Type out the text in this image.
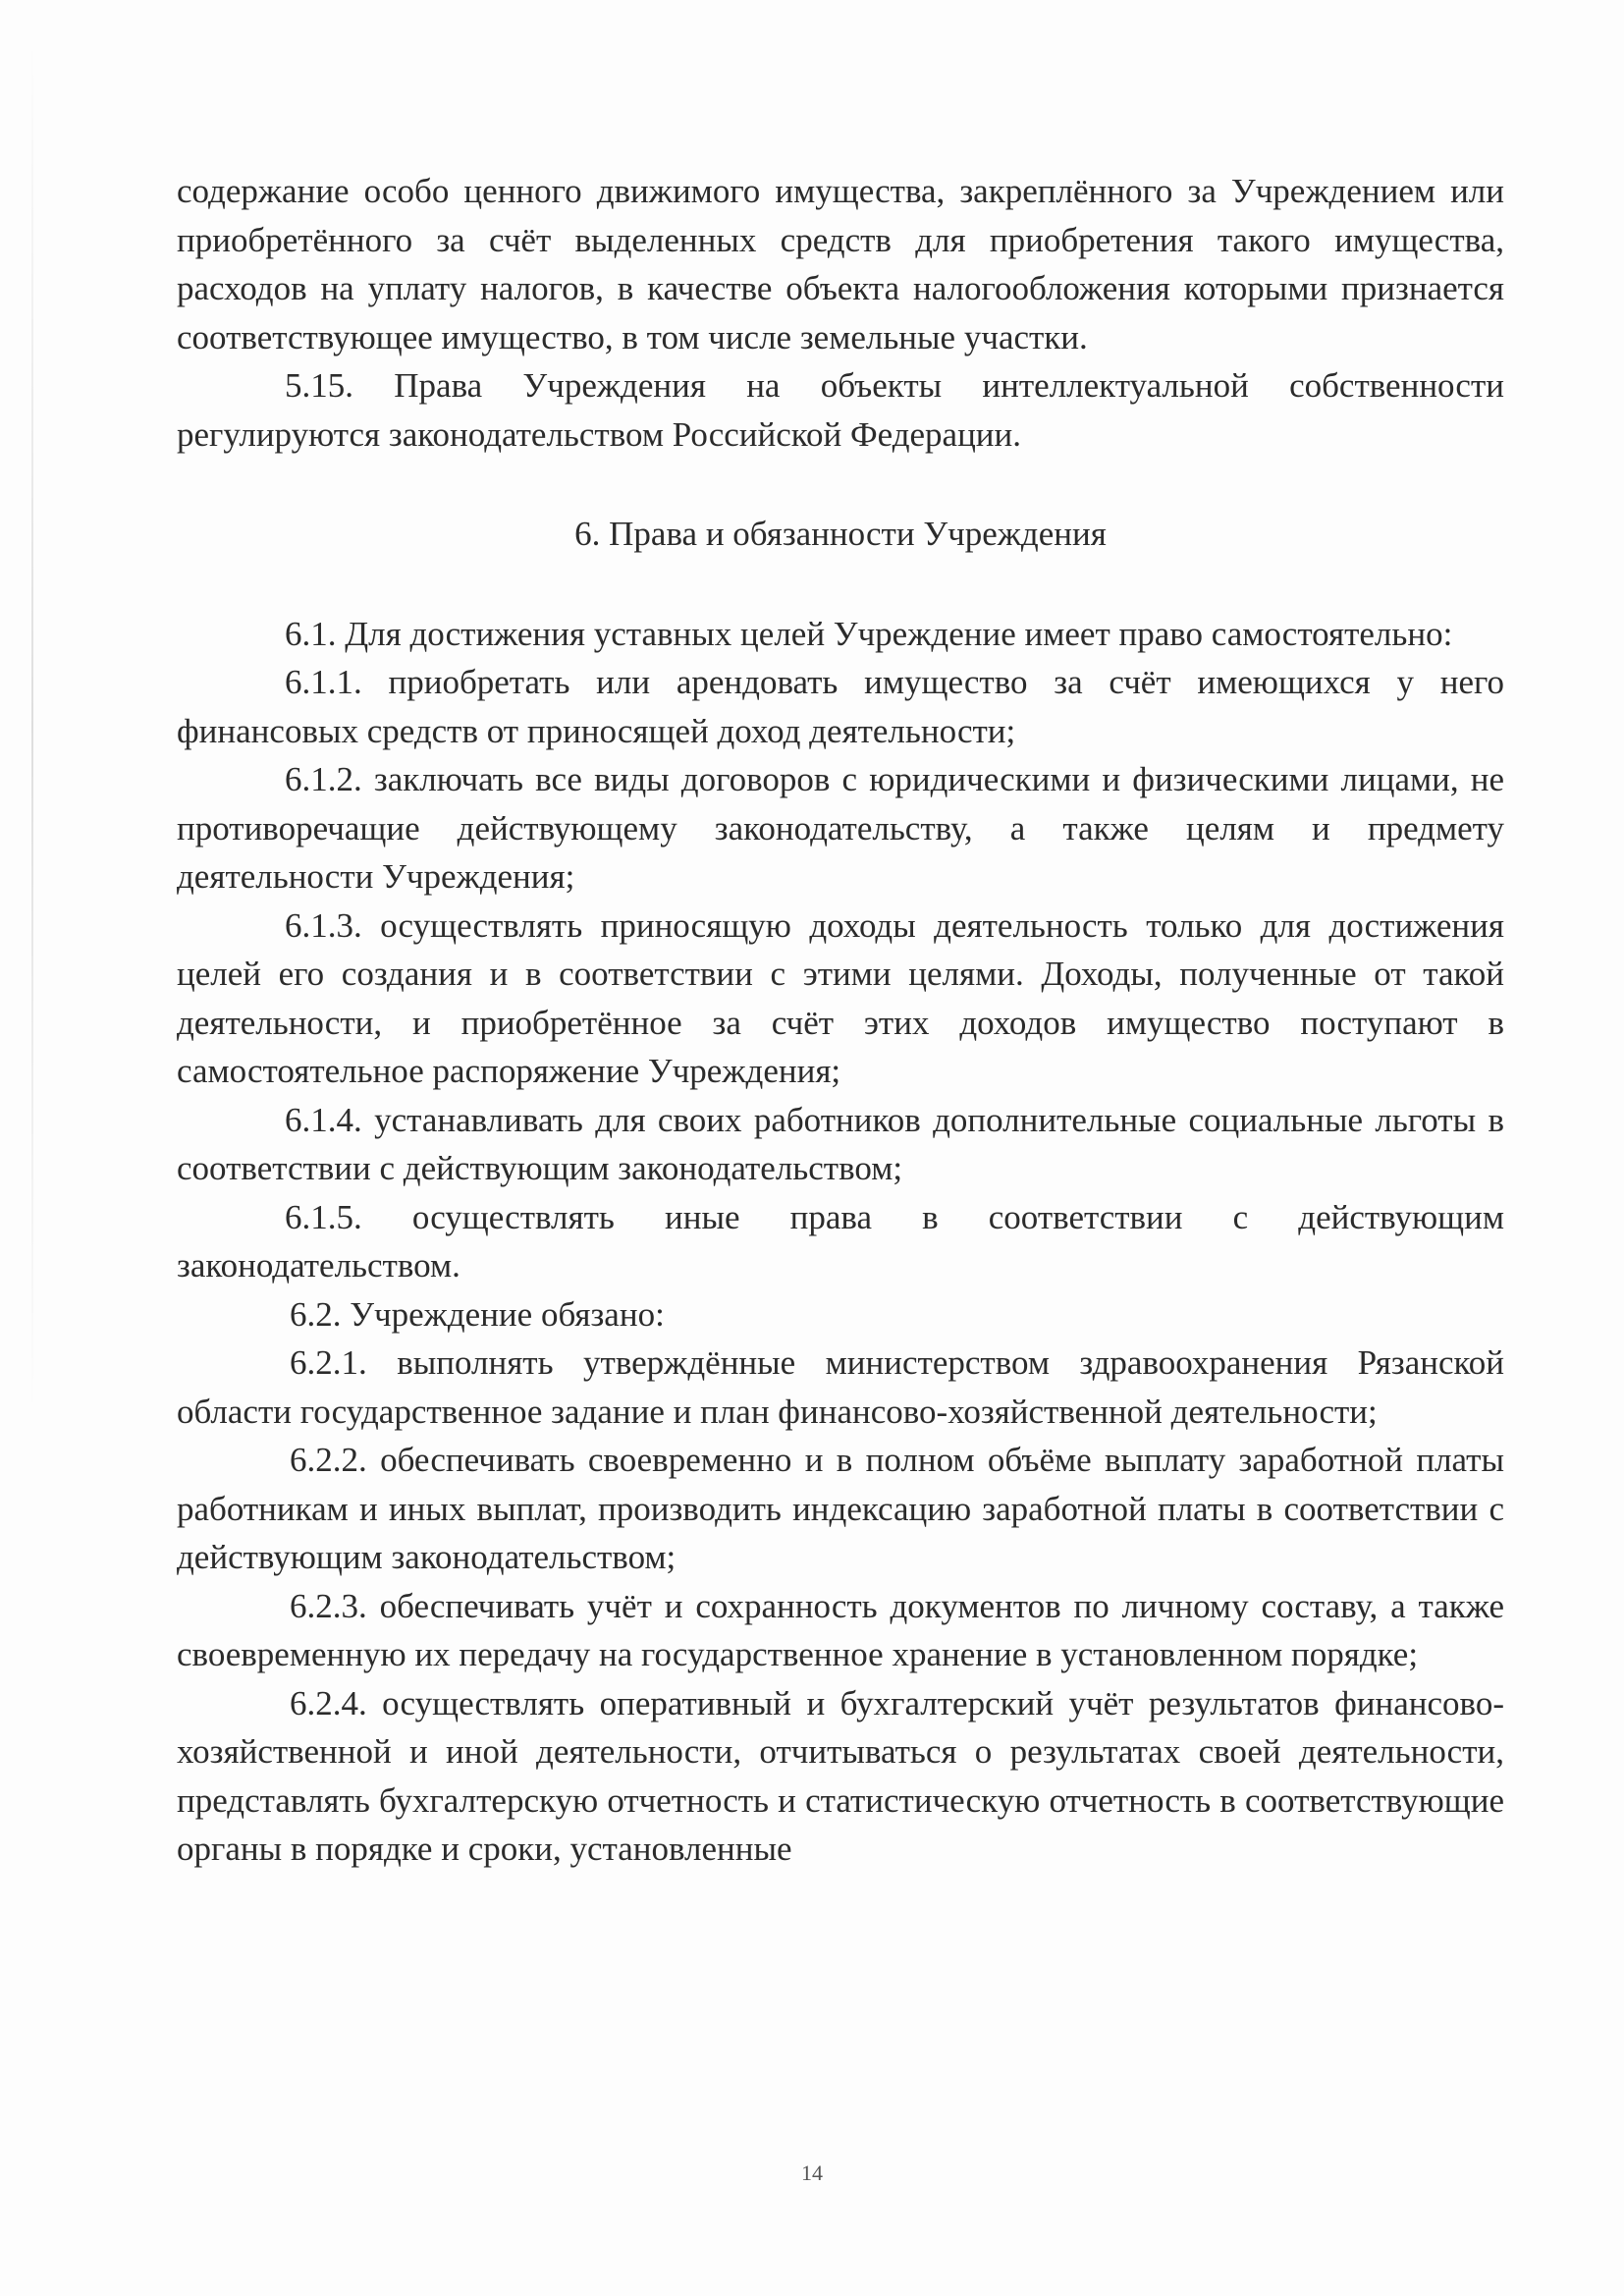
содержание особо ценного движимого имущества, закреплённого за Учреждением или приобретённого за счёт выделенных средств для приобретения такого имущества, расходов на уплату налогов, в качестве объекта налогообложения которыми признается соответствующее имущество, в том числе земельные участки.

5.15. Права Учреждения на объекты интеллектуальной собственности регулируются законодательством Российской Федерации.

6. Права и обязанности Учреждения

6.1. Для достижения уставных целей Учреждение имеет право самостоятельно:

6.1.1. приобретать или арендовать имущество за счёт имеющихся у него финансовых средств от приносящей доход деятельности;

6.1.2. заключать все виды договоров с юридическими и физическими лицами, не противоречащие действующему законодательству, а также целям и предмету деятельности Учреждения;

6.1.3. осуществлять приносящую доходы деятельность только для достижения целей его создания и в соответствии с этими целями. Доходы, полученные от такой деятельности, и приобретённое за счёт этих доходов имущество поступают в самостоятельное распоряжение Учреждения;

6.1.4. устанавливать для своих работников дополнительные социальные льготы в соответствии с действующим законодательством;

6.1.5. осуществлять иные права в соответствии с действующим законодательством.

6.2. Учреждение обязано:

6.2.1. выполнять утверждённые министерством здравоохранения Рязанской области государственное задание и план финансово-хозяйственной деятельности;

6.2.2. обеспечивать своевременно и в полном объёме выплату заработной платы работникам и иных выплат, производить индексацию заработной платы в соответствии с действующим законодательством;

6.2.3. обеспечивать учёт и сохранность документов по личному составу, а также своевременную их передачу на государственное хранение в установленном порядке;

6.2.4. осуществлять оперативный и бухгалтерский учёт результатов финансово-хозяйственной и иной деятельности, отчитываться о результатах своей деятельности, представлять бухгалтерскую отчетность и статистическую отчетность в соответствующие органы в порядке и сроки, установленные

14
